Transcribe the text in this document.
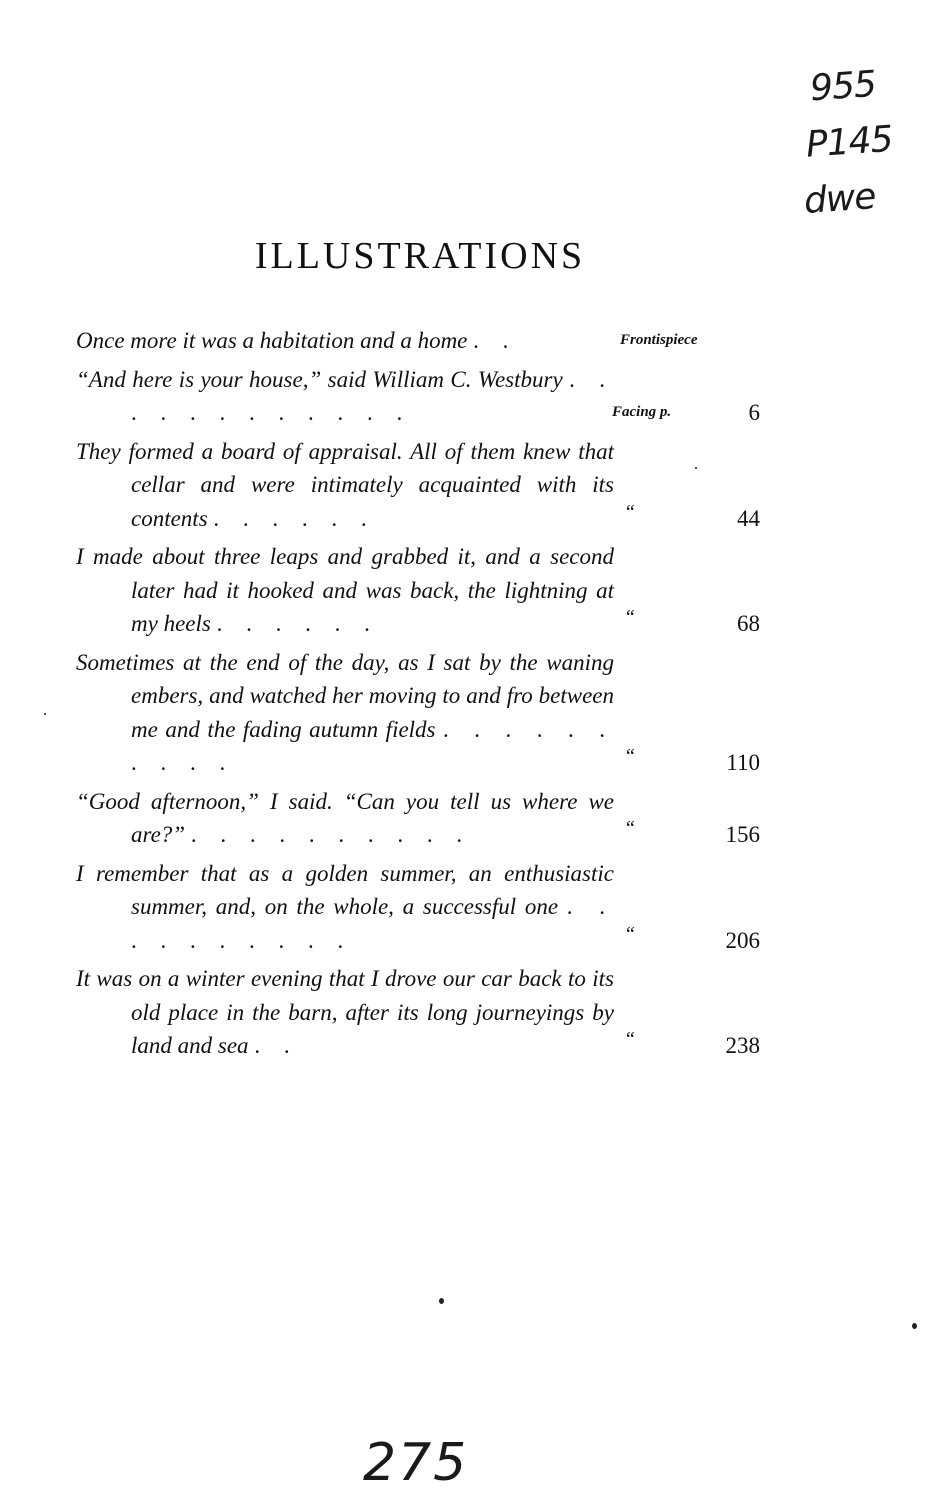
955
P145
dwe
ILLUSTRATIONS
Once more it was a habitation and a home . .	Frontispiece
“And here is your house,” said William C. Westbury . . . . . . . . . . . .	Facing p.	6
They formed a board of appraisal. All of them knew that cellar and were intimately acquainted with its contents . . . . . .	“	44
I made about three leaps and grabbed it, and a second later had it hooked and was back, the lightning at my heels . . . . . .	“	68
Sometimes at the end of the day, as I sat by the waning embers, and watched her moving to and fro between me and the fading autumn fields . . . . . . . . . .	“	110
“Good afternoon,” I said. “Can you tell us where we are?” . . . . . . . . . .	“	156
I remember that as a golden summer, an enthusiastic summer, and, on the whole, a successful one . . . . . . . . . .	“	206
It was on a winter evening that I drove our car back to its old place in the barn, after its long journeyings by land and sea . .	“	238
275
